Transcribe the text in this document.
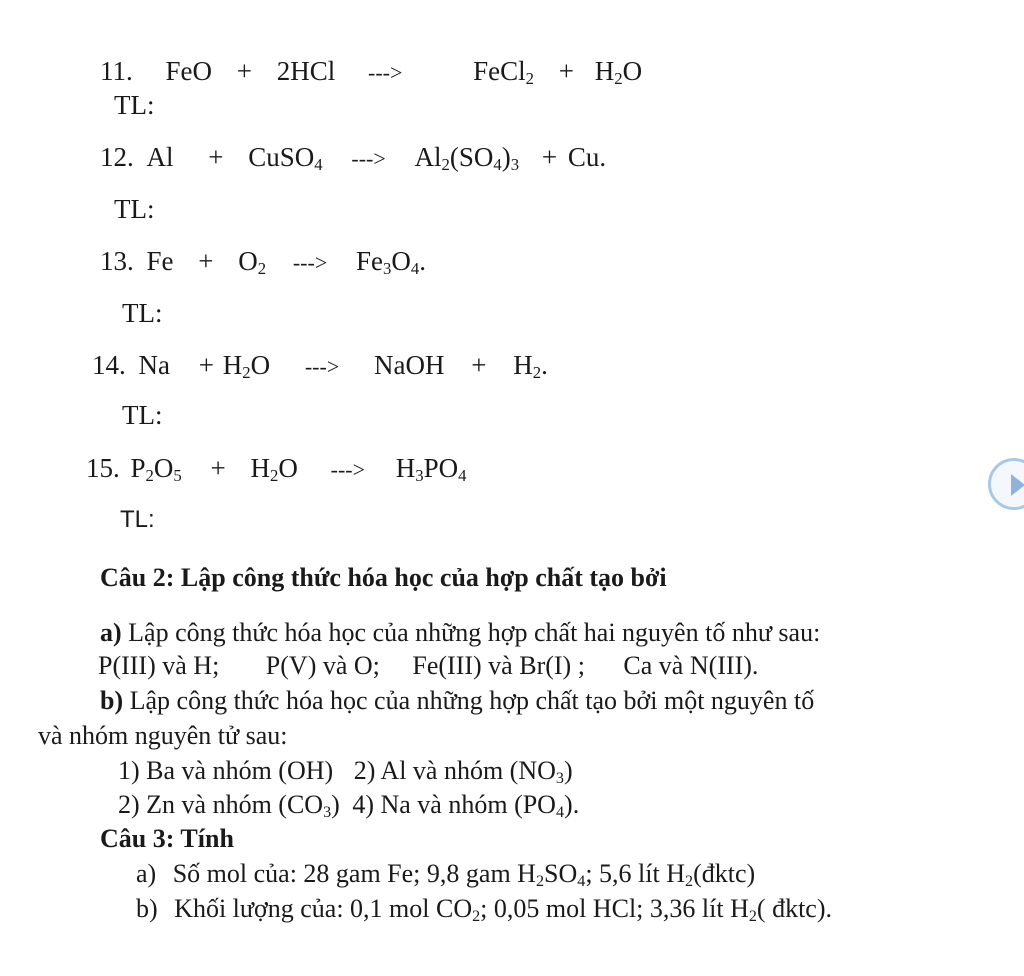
11. FeO + 2HCl --->	FeCl$_2$ + $H_2O$
TL:
12. Al + CuSO$_4$ ---> $Al_2(SO_4)_3 + Cu$.
TL:
13. $Fe + O_2$ ---> $Fe_3O_4$.
TL:
14. $Na + H_2O$ ---> NaOH + $H_2$.
TL:
15. $P_2O_5 + H_2O$ ---> $H_3PO_4$
TL:
Câu 2: Lập công thức hóa học của hợp chất tạo bởi
a) Lập công thức hóa học của những hợp chất hai nguyên tố như sau:
P(III) và H; P(V) và O; Fe(III) và Br(I) ; Ca và N(III).
b) Lập công thức hóa học của những hợp chất tạo bởi một nguyên tố
và nhóm nguyên tử sau:
1) Ba và nhóm (OH) 2) Al và nhóm $(NO_3)$
2) Zn và nhóm $(CO_3)$ 4) Na và nhóm $(PO_4)$.
Câu 3: Tính
a) Số mol của: 28 gam Fe; 9,8 gam $H_2SO_4$; 5,6 lít $H_2(đktc)$
b) Khối lượng của: 0,1 mol $CO_2$; 0,05 mol HCl; 3,36 lít $H_2$( đktc).
